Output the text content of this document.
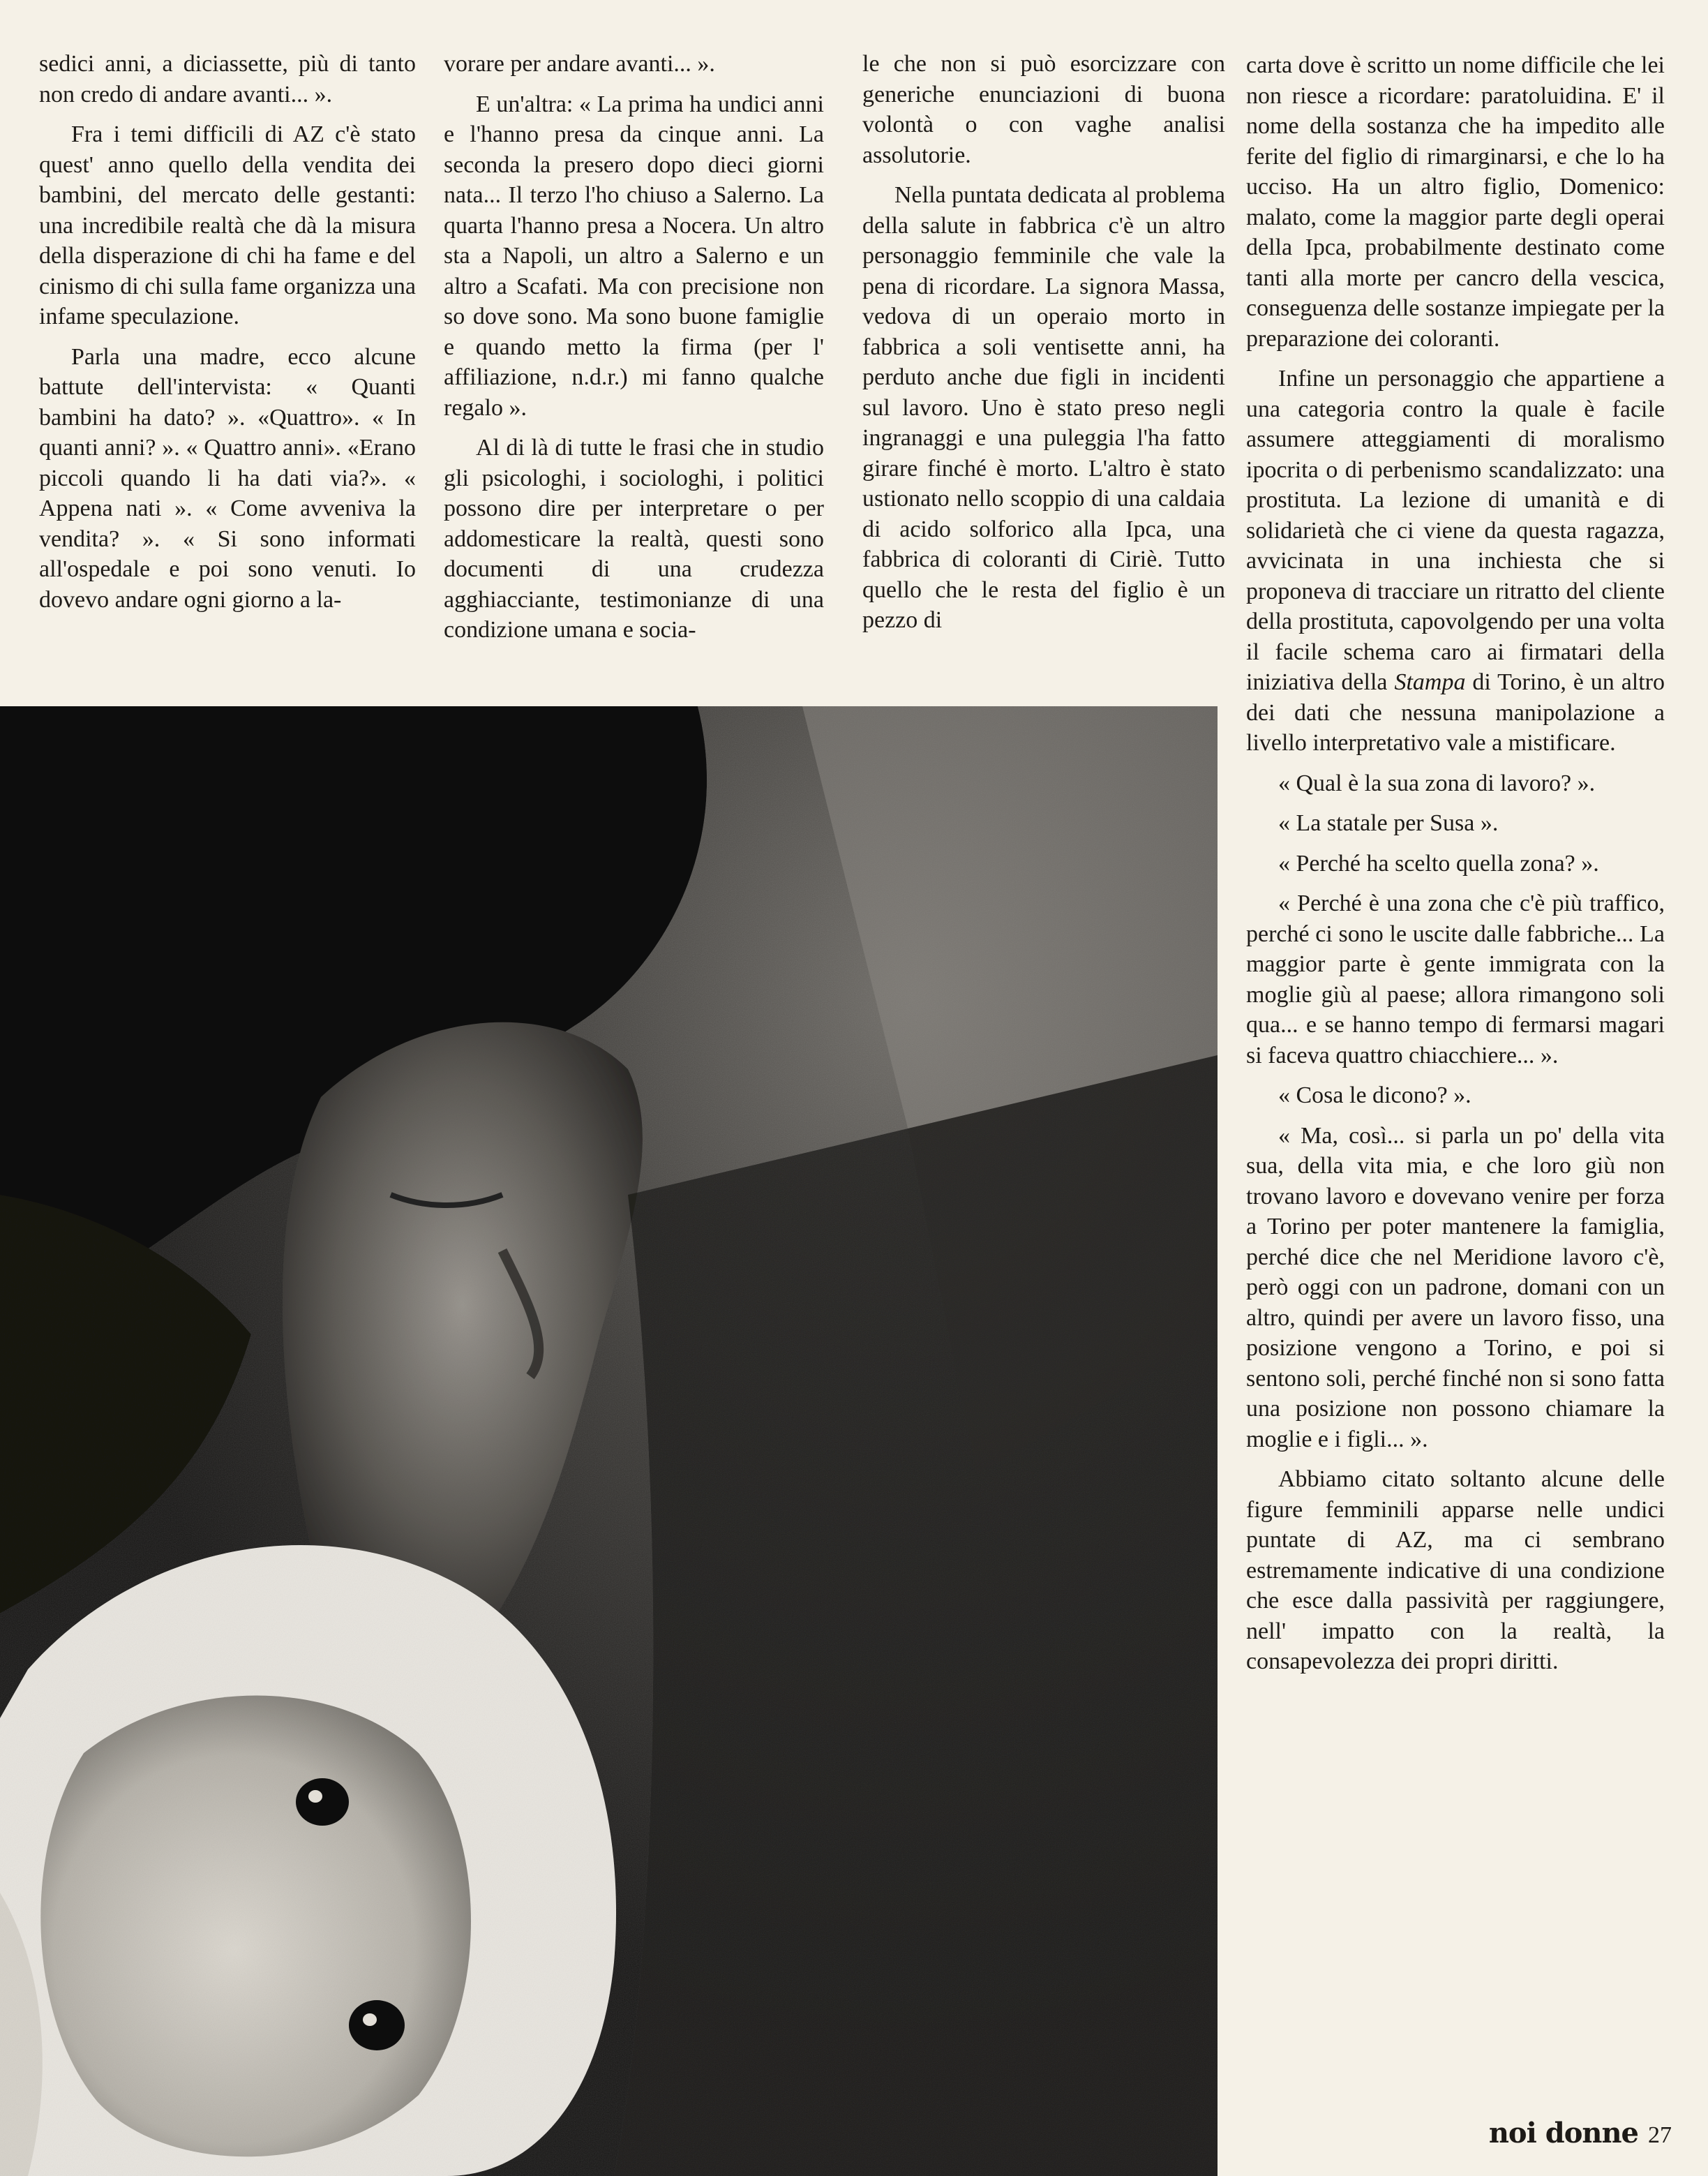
sedici anni, a diciassette, più di tanto non credo di andare avanti... ».

Fra i temi difficili di AZ c'è stato quest' anno quello della vendita dei bambini, del mercato delle gestanti: una incredibile realtà che dà la misura della disperazione di chi ha fame e del cinismo di chi sulla fame organizza una infame speculazione.

Parla una madre, ecco alcune battute dell'intervista: « Quanti bambini ha dato? ». «Quattro». « In quanti anni? ». « Quattro anni». «Erano piccoli quando li ha dati via?». « Appena nati ». « Come avveniva la vendita? ». « Si sono informati all'ospedale e poi sono venuti. Io dovevo andare ogni giorno a la-

vorare per andare avanti... ».

E un'altra: « La prima ha undici anni e l'hanno presa da cinque anni. La seconda la presero dopo dieci giorni nata... Il terzo l'ho chiuso a Salerno. La quarta l'hanno presa a Nocera. Un altro sta a Napoli, un altro a Salerno e un altro a Scafati. Ma con precisione non so dove sono. Ma sono buone famiglie e quando metto la firma (per l' affiliazione, n.d.r.) mi fanno qualche regalo ».

Al di là di tutte le frasi che in studio gli psicologhi, i sociologhi, i politici possono dire per interpretare o per addomesticare la realtà, questi sono documenti di una crudezza agghiacciante, testimonianze di una condizione umana e socia-

le che non si può esorcizzare con generiche enunciazioni di buona volontà o con vaghe analisi assolutorie.

Nella puntata dedicata al problema della salute in fabbrica c'è un altro personaggio femminile che vale la pena di ricordare. La signora Massa, vedova di un operaio morto in fabbrica a soli ventisette anni, ha perduto anche due figli in incidenti sul lavoro. Uno è stato preso negli ingranaggi e una puleggia l'ha fatto girare finché è morto. L'altro è stato ustionato nello scoppio di una caldaia di acido solforico alla Ipca, una fabbrica di coloranti di Ciriè. Tutto quello che le resta del figlio è un pezzo di

carta dove è scritto un nome difficile che lei non riesce a ricordare: paratoluidina. E' il nome della sostanza che ha impedito alle ferite del figlio di rimarginarsi, e che lo ha ucciso. Ha un altro figlio, Domenico: malato, come la maggior parte degli operai della Ipca, probabilmente destinato come tanti alla morte per cancro della vescica, conseguenza delle sostanze impiegate per la preparazione dei coloranti.

Infine un personaggio che appartiene a una categoria contro la quale è facile assumere atteggiamenti di moralismo ipocrita o di perbenismo scandalizzato: una prostituta. La lezione di umanità e di solidarietà che ci viene da questa ragazza, avvicinata in una inchiesta che si proponeva di tracciare un ritratto del cliente della prostituta, capovolgendo per una volta il facile schema caro ai firmatari della iniziativa della Stampa di Torino, è un altro dei dati che nessuna manipolazione a livello interpretativo vale a mistificare.

« Qual è la sua zona di lavoro? ».

« La statale per Susa ».

« Perché ha scelto quella zona? ».

« Perché è una zona che c'è più traffico, perché ci sono le uscite dalle fabbriche... La maggior parte è gente immigrata con la moglie giù al paese; allora rimangono soli qua... e se hanno tempo di fermarsi magari si faceva quattro chiacchiere... ».

« Cosa le dicono? ».

« Ma, così... si parla un po' della vita sua, della vita mia, e che loro giù non trovano lavoro e dovevano venire per forza a Torino per poter mantenere la famiglia, perché dice che nel Meridione lavoro c'è, però oggi con un padrone, domani con un altro, quindi per avere un lavoro fisso, una posizione vengono a Torino, e poi si sentono soli, perché finché non si sono fatta una posizione non possono chiamare la moglie e i figli... ».

Abbiamo citato soltanto alcune delle figure femminili apparse nelle undici puntate di AZ, ma ci sembrano estremamente indicative di una condizione che esce dalla passività per raggiungere, nell' impatto con la realtà, la consapevolezza dei propri diritti.

noi donne 27
